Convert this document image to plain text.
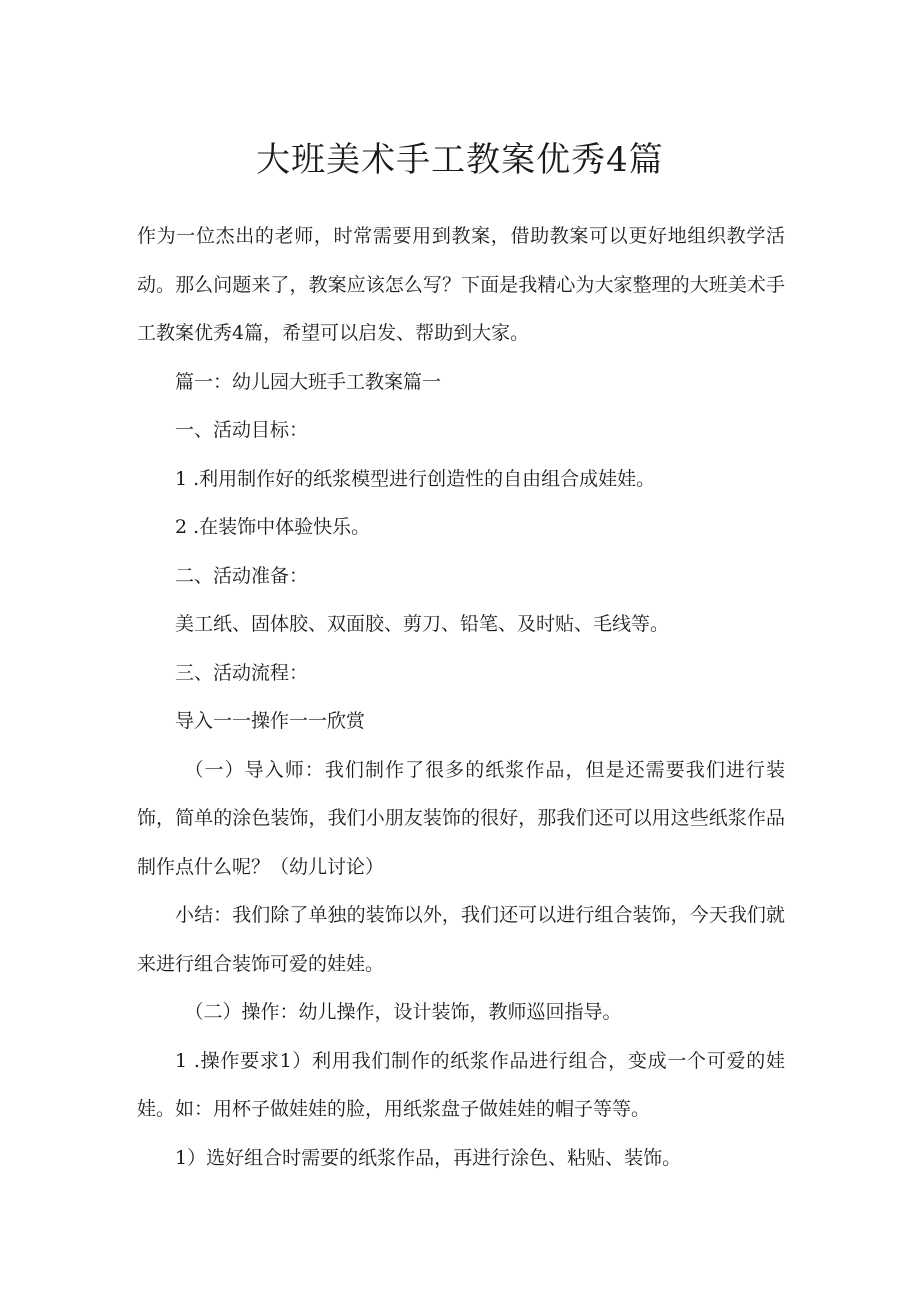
大班美术手工教案优秀4篇

作为一位杰出的老师，时常需要用到教案，借助教案可以更好地组织教学活动。那么问题来了，教案应该怎么写？下面是我精心为大家整理的大班美术手工教案优秀4篇，希望可以启发、帮助到大家。

篇一：幼儿园大班手工教案篇一

一、活动目标：

1 .利用制作好的纸浆模型进行创造性的自由组合成娃娃。

2 .在装饰中体验快乐。

二、活动准备：

美工纸、固体胶、双面胶、剪刀、铅笔、及时贴、毛线等。

三、活动流程：

导入一一操作一一欣赏

（一）导入师：我们制作了很多的纸浆作品，但是还需要我们进行装饰，简单的涂色装饰，我们小朋友装饰的很好，那我们还可以用这些纸浆作品制作点什么呢？（幼儿讨论）

小结：我们除了单独的装饰以外，我们还可以进行组合装饰，今天我们就来进行组合装饰可爱的娃娃。

（二）操作：幼儿操作，设计装饰，教师巡回指导。

1 .操作要求1）利用我们制作的纸浆作品进行组合，变成一个可爱的娃娃。如：用杯子做娃娃的脸，用纸浆盘子做娃娃的帽子等等。

1）选好组合时需要的纸浆作品，再进行涂色、粘贴、装饰。
